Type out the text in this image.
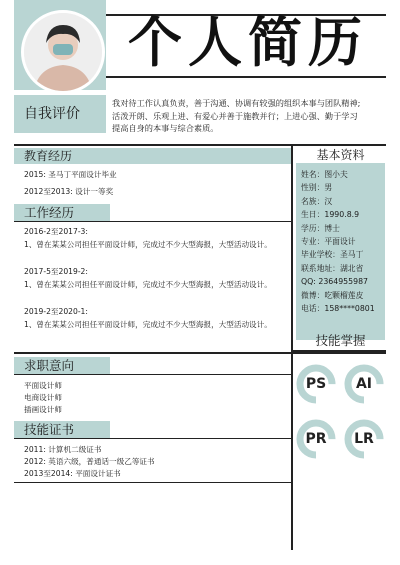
个人简历
自我评价
我对待工作认真负责，善于沟通、协调有较强的组织本事与团队精神;
活泼开朗、乐观上进、有爱心并善于施教并行；上进心强、勤于学习
提高自身的本事与综合素质。
教育经历
2015: 圣马丁平面设计毕业
2012至2013: 设计一等奖
工作经历
2016-2至2017-3:
1、曾在某某公司担任平面设计师，完成过不少大型海报，大型活动设计。
2017-5至2019-2:
1、曾在某某公司担任平面设计师，完成过不少大型海报，大型活动设计。
2019-2至2020-1:
1、曾在某某公司担任平面设计师，完成过不少大型海报，大型活动设计。
求职意向
平面设计师
电商设计师
插画设计师
技能证书
2011: 计算机二级证书
2012: 英语六级，普通话一级乙等证书
2013至2014: 平面设计证书
基本资料
姓名：图小夫
性别：男
名族：汉
生日：1990.8.9
学历：博士
专业：平面设计
毕业学校：圣马丁
联系地址：湖北省
QQ: 2364955987
微博：吃颗榴莲皮
电话：158****0801
技能掌握
PS	AI
PR	LR
